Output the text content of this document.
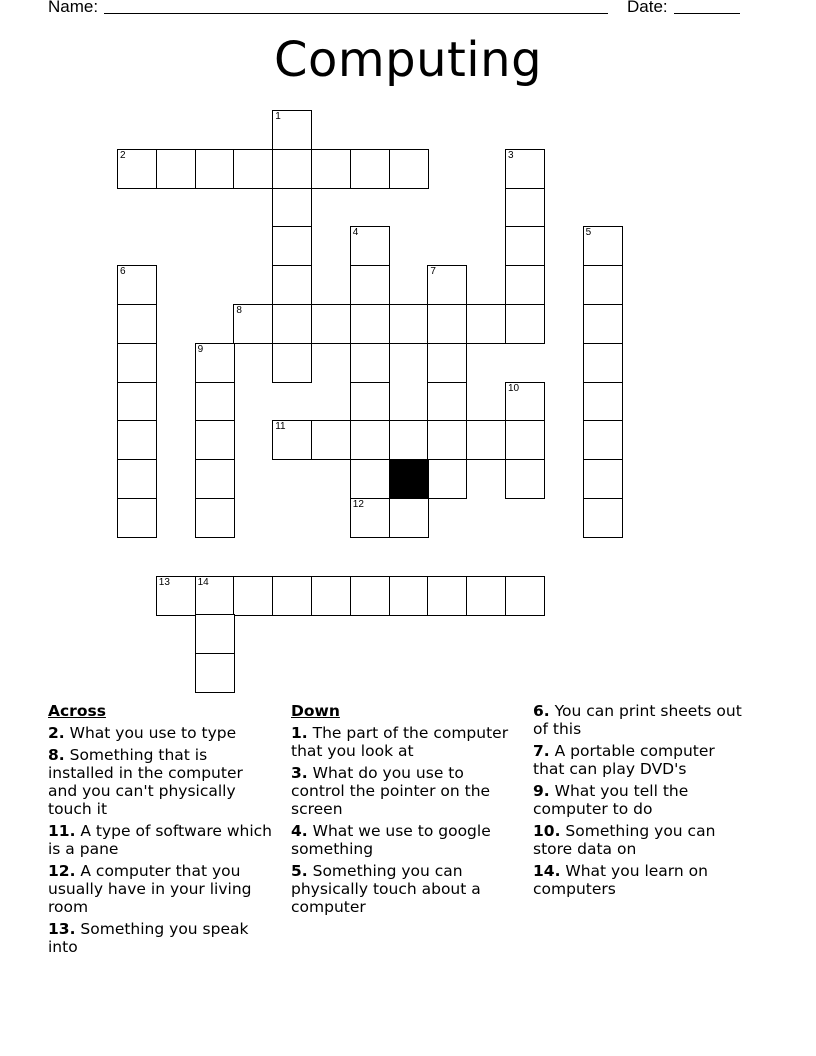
Name:	Date:
Computing
1
2	3
4	5
6	7
8
9
10
11
12
13	14
Across
2. What you use to type
8. Something that is installed in the computer and you can't physically touch it
11. A type of software which is a pane
12. A computer that you usually have in your living room
13. Something you speak into
Down
1. The part of the computer that you look at
3. What do you use to control the pointer on the screen
4. What we use to google something
5. Something you can physically touch about a computer
6. You can print sheets out of this
7. A portable computer that can play DVD's
9. What you tell the computer to do
10. Something you can store data on
14. What you learn on computers
